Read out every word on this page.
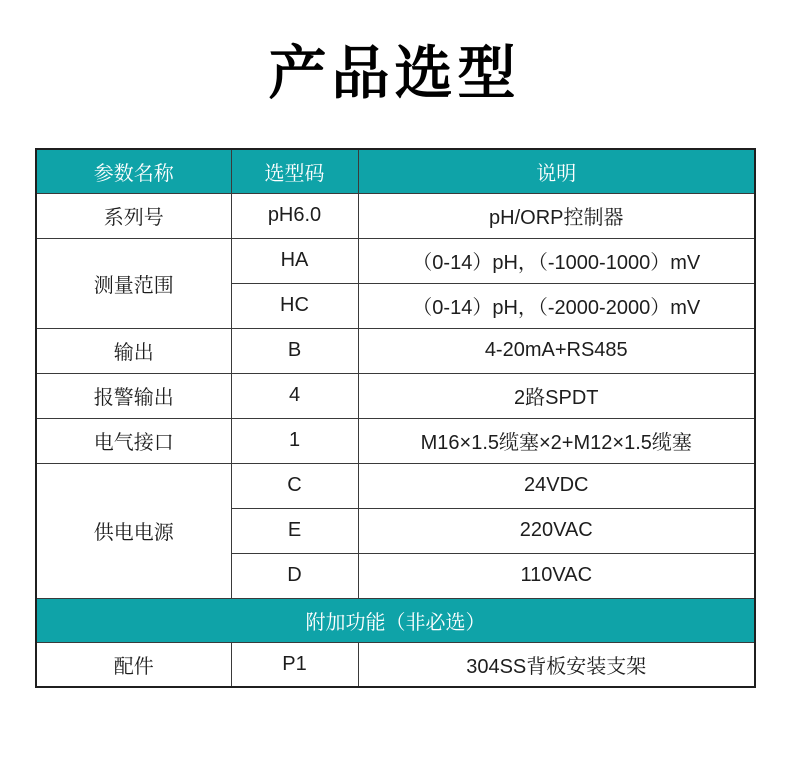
产品选型
参数名称	选型码	说明
系列号	pH6.0	pH/ORP控制器
测量范围	HA	（0-14）pH，（-1000-1000）mV
	HC	（0-14）pH，（-2000-2000）mV
输出	B	4-20mA+RS485
报警输出	4	2路SPDT
电气接口	1	M16×1.5缆塞×2+M12×1.5缆塞
供电电源	C	24VDC
	E	220VAC
	D	110VAC
附加功能（非必选）		
配件	P1	304SS背板安装支架
